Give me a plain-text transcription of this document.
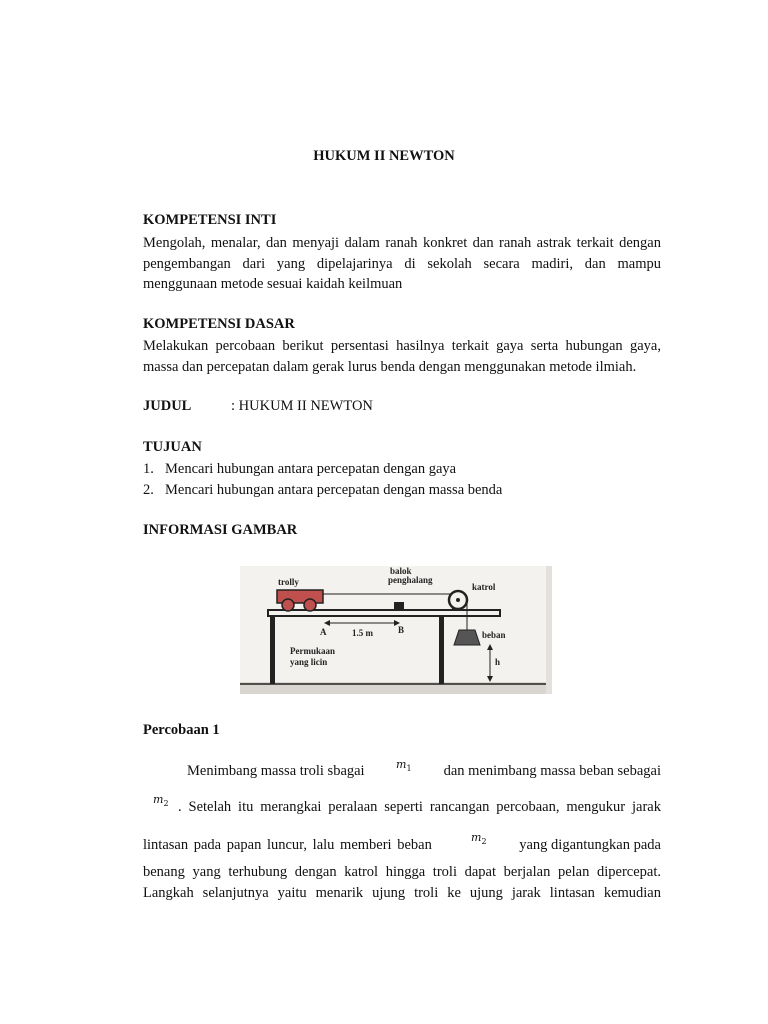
HUKUM II NEWTON
KOMPETENSI INTI
Mengolah, menalar, dan menyaji dalam ranah konkret dan ranah astrak terkait dengan
pengembangan dari yang dipelajarinya di sekolah secara madiri, dan mampu
menggunaan metode sesuai kaidah keilmuan
KOMPETENSI DASAR
Melakukan percobaan berikut persentasi hasilnya terkait gaya serta hubungan gaya,
massa dan percepatan dalam gerak lurus benda dengan menggunakan metode ilmiah.
JUDUL	: HUKUM II NEWTON
TUJUAN
1. Mencari hubungan antara percepatan dengan gaya
2. Mencari hubungan antara percepatan dengan massa benda
INFORMASI GAMBAR
trolly
balok
penghalang
katrol
beban
A	B
1.5 m
Permukaan
yang licin	h
Percobaan 1
Menimbang massa troli sbagai	$m_1$	dan menimbang massa beban sebagai
$m_2$ . Setelah itu merangkai peralaan seperti rancangan percobaan, mengukur jarak
lintasan pada papan luncur, lalu memberi beban	$m_2$	yang digantungkan pada
benang yang terhubung dengan katrol hingga troli dapat berjalan pelan dipercepat.
Langkah selanjutnya yaitu menarik ujung troli ke ujung jarak lintasan kemudian
